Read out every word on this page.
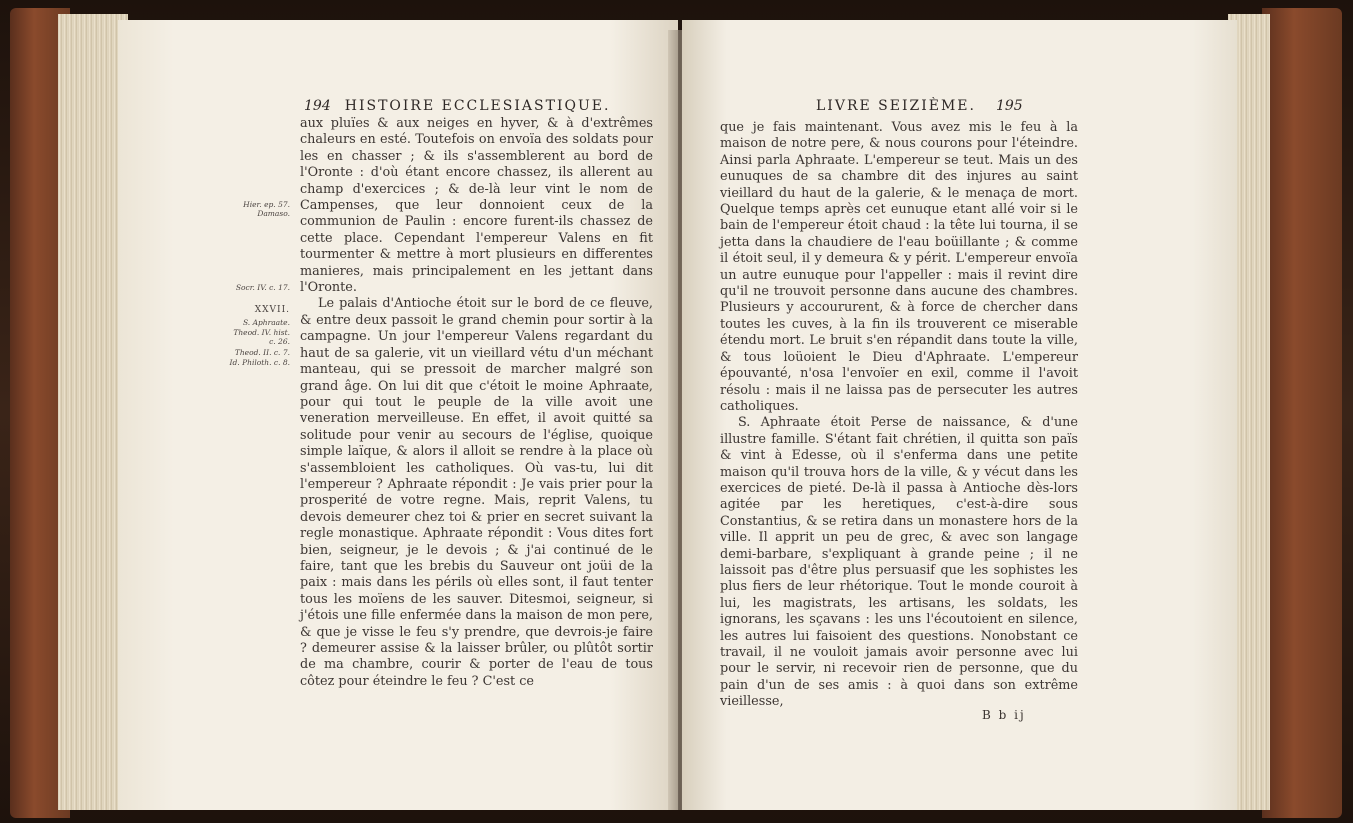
194 HISTOIRE ECCLESIASTIQUE.

aux pluïes & aux neiges en hyver, & à d'extrêmes chaleurs en esté. Toutefois on envoïa des soldats pour les en chasser ; & ils s'assemblerent au bord de l'Oronte : d'où étant encore chassez, ils allerent au champ d'exercices ; & de-là leur vint le nom de Campenses, que leur donnoient ceux de la communion de Paulin : encore furent-ils chassez de cette place. Cependant l'empereur Valens en fit tourmenter & mettre à mort plusieurs en differentes manieres, mais principalement en les jettant dans l'Oronte.

Le palais d'Antioche étoit sur le bord de ce fleuve, & entre deux passoit le grand chemin pour sortir à la campagne. Un jour l'empereur Valens regardant du haut de sa galerie, vit un vieillard vétu d'un méchant manteau, qui se pressoit de marcher malgré son grand âge. On lui dit que c'étoit le moine Aphraate, pour qui tout le peuple de la ville avoit une veneration merveilleuse. En effet, il avoit quitté sa solitude pour venir au secours de l'église, quoique simple laïque, & alors il alloit se rendre à la place où s'assembloient les catholiques. Où vas-tu, lui dit l'empereur ? Aphraate répondit : Je vais prier pour la prosperité de votre regne. Mais, reprit Valens, tu devois demeurer chez toi & prier en secret suivant la regle monastique. Aphraate répondit : Vous dites fort bien, seigneur, je le devois ; & j'ai continué de le faire, tant que les brebis du Sauveur ont joüi de la paix : mais dans les périls où elles sont, il faut tenter tous les moïens de les sauver. Ditesmoi, seigneur, si j'étois une fille enfermée dans la maison de mon pere, & que je visse le feu s'y prendre, que devrois-je faire ? demeurer assise & la laisser brûler, ou plûtôt sortir de ma chambre, courir & porter de l'eau de tous côtez pour éteindre le feu ? C'est ce

Hier. ep. 57. Damaso.
Socr. IV. c. 17.
XXVII.
S. Aphraate.
Theod. IV. hist. c. 26.
Theod. II. c. 7.
Id. Philoth. c. 8.
LIVRE SEIZIÈME. 195

que je fais maintenant. Vous avez mis le feu à la maison de notre pere, & nous courons pour l'éteindre. Ainsi parla Aphraate. L'empereur se teut. Mais un des eunuques de sa chambre dit des injures au saint vieillard du haut de la galerie, & le menaça de mort. Quelque temps après cet eunuque etant allé voir si le bain de l'empereur étoit chaud : la tête lui tourna, il se jetta dans la chaudiere de l'eau boüillante ; & comme il étoit seul, il y demeura & y périt. L'empereur envoïa un autre eunuque pour l'appeller : mais il revint dire qu'il ne trouvoit personne dans aucune des chambres. Plusieurs y accoururent, & à force de chercher dans toutes les cuves, à la fin ils trouverent ce miserable étendu mort. Le bruit s'en répandit dans toute la ville, & tous loüoient le Dieu d'Aphraate. L'empereur épouvanté, n'osa l'envoïer en exil, comme il l'avoit résolu : mais il ne laissa pas de persecuter les autres catholiques.

S. Aphraate étoit Perse de naissance, & d'une illustre famille. S'étant fait chrétien, il quitta son païs & vint à Edesse, où il s'enferma dans une petite maison qu'il trouva hors de la ville, & y vécut dans les exercices de pieté. De-là il passa à Antioche dès-lors agitée par les heretiques, c'est-à-dire sous Constantius, & se retira dans un monastere hors de la ville. Il apprit un peu de grec, & avec son langage demi-barbare, s'expliquant à grande peine ; il ne laissoit pas d'être plus persuasif que les sophistes les plus fiers de leur rhétorique. Tout le monde couroit à lui, les magistrats, les artisans, les soldats, les ignorans, les sçavans : les uns l'écoutoient en silence, les autres lui faisoient des questions. Nonobstant ce travail, il ne vouloit jamais avoir personne avec lui pour le servir, ni recevoir rien de personne, que du pain d'un de ses amis : à quoi dans son extrême vieillesse,

B b ij
